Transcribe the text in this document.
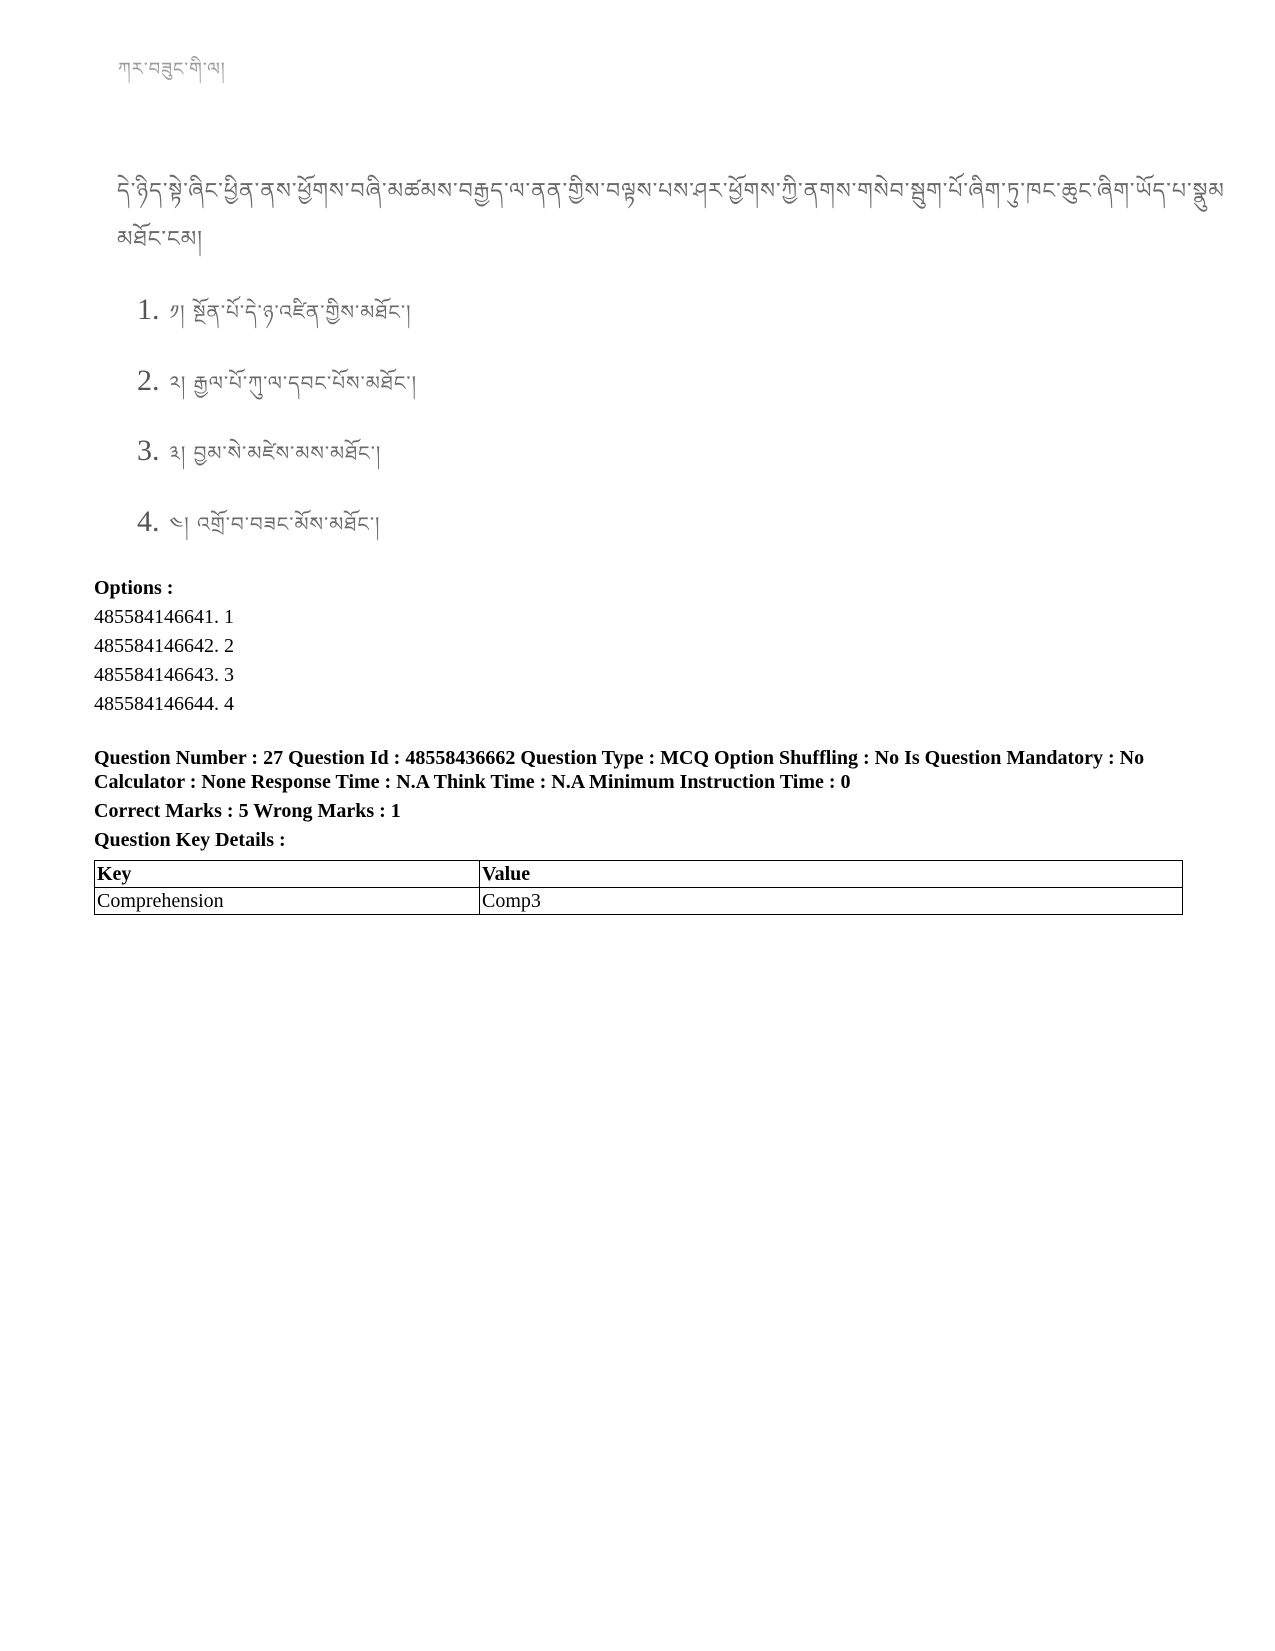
ཀར་བཟུང་གི་ལ།
དེ་ཉིད་སྟེ་ཞིང་ཕྱིན་ནས་ཕྱོགས་བཞི་མཚམས་བརྒྱད་ལ་ནན་གྱིས་བལྟས་པས་ཤར་ཕྱོགས་ཀྱི་ནགས་གསེབ་སྦུག་པོ་ཞིག་ཏུ་ཁང་ཆུང་ཞིག་ཡོད་པ་སྣུམ
མཐོང་ངམ།
1. ༡། སྔོན་པོ་དེ་ཉ་འཛིན་གྱིས་མཐོང་།
2. ༢། རྒྱལ་པོ་ཀུ་ལ་དབང་པོས་མཐོང་།
3. ༣། བྱམ་སེ་མཛེས་མས་མཐོང་།
4. ༤། འགྲོ་བ་བཟང་མོས་མཐོང་།
Options :
485584146641. 1
485584146642. 2
485584146643. 3
485584146644. 4
Question Number : 27 Question Id : 48558436662 Question Type : MCQ Option Shuffling : No Is Question Mandatory : No Calculator : None Response Time : N.A Think Time : N.A Minimum Instruction Time : 0
Correct Marks : 5 Wrong Marks : 1
Question Key Details :
Key	Value
Comprehension	Comp3
